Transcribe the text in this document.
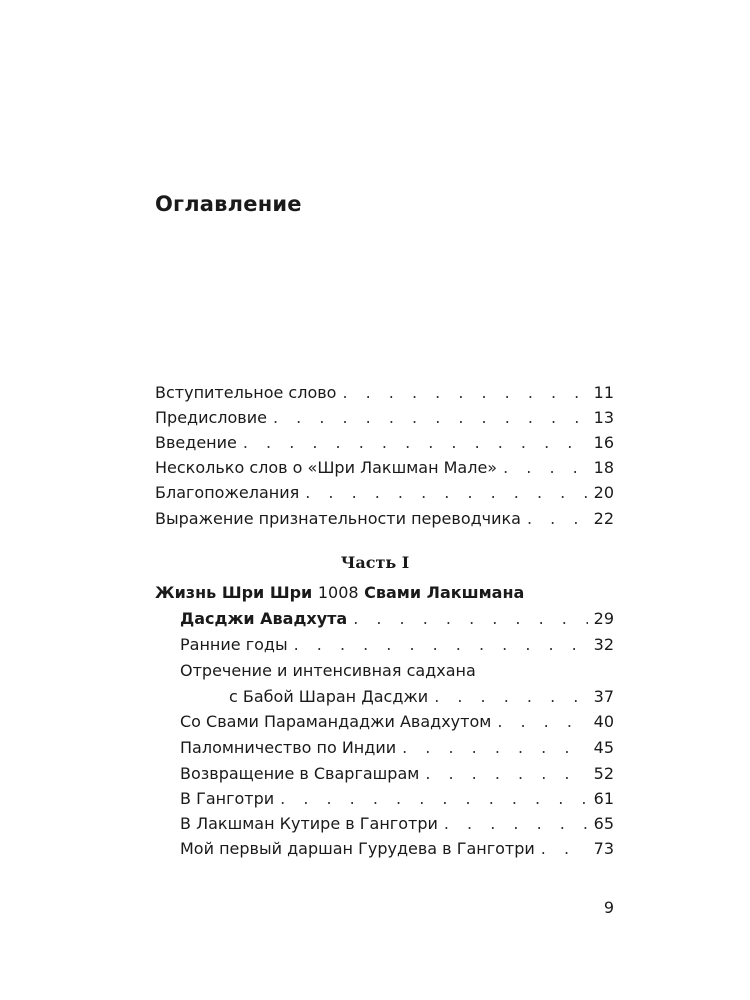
Оглавление
Вступительное слово . . .	11
Предисловие . . .	13
Введение . . .	16
Несколько слов о «Шри Лакшман Мале» . . .	18
Благопожелания . . .	20
Выражение признательности переводчика . . .	22
Часть I
Жизнь Шри Шри 1008 Свами Лакшмана
Дасджи Авадхута . . .	29
Ранние годы . . .	32
Отречение и интенсивная садхана
с Бабой Шаран Дасджи . . .	37
Со Свами Парамандаджи Авадхутом . . .	40
Паломничество по Индии . . .	45
Возвращение в Сваргашрам . . .	52
В Ганготри . . .	61
В Лакшман Кутире в Ганготри . . .	65
Мой первый даршан Гурудева в Ганготри . . .	73
9
